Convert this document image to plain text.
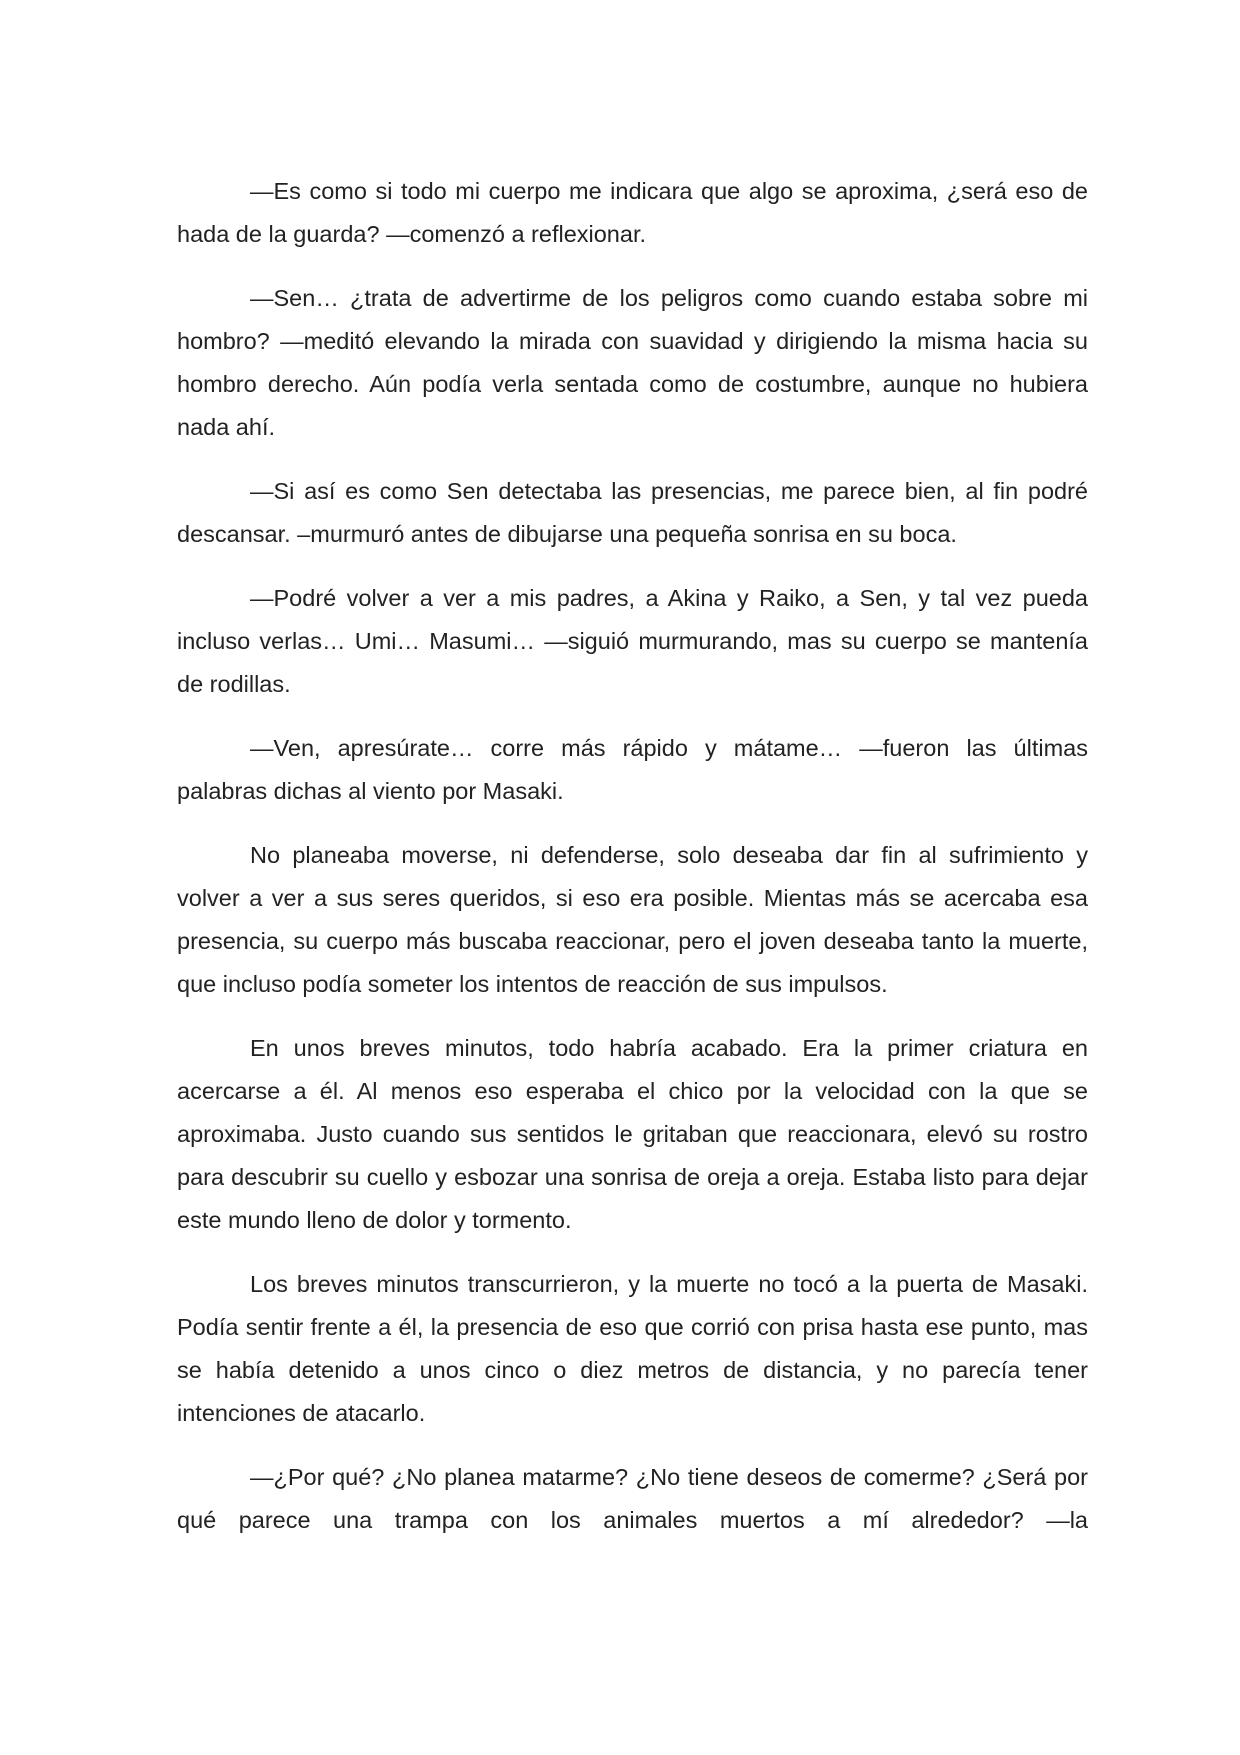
—Es como si todo mi cuerpo me indicara que algo se aproxima, ¿será eso de hada de la guarda? —comenzó a reflexionar.

—Sen… ¿trata de advertirme de los peligros como cuando estaba sobre mi hombro? —meditó elevando la mirada con suavidad y dirigiendo la misma hacia su hombro derecho. Aún podía verla sentada como de costumbre, aunque no hubiera nada ahí.

—Si así es como Sen detectaba las presencias, me parece bien, al fin podré descansar. –murmuró antes de dibujarse una pequeña sonrisa en su boca.

—Podré volver a ver a mis padres, a Akina y Raiko, a Sen, y tal vez pueda incluso verlas… Umi… Masumi… —siguió murmurando, mas su cuerpo se mantenía de rodillas.

—Ven, apresúrate… corre más rápido y mátame… —fueron las últimas palabras dichas al viento por Masaki.

No planeaba moverse, ni defenderse, solo deseaba dar fin al sufrimiento y volver a ver a sus seres queridos, si eso era posible. Mientas más se acercaba esa presencia, su cuerpo más buscaba reaccionar, pero el joven deseaba tanto la muerte, que incluso podía someter los intentos de reacción de sus impulsos.

En unos breves minutos, todo habría acabado. Era la primer criatura en acercarse a él. Al menos eso esperaba el chico por la velocidad con la que se aproximaba. Justo cuando sus sentidos le gritaban que reaccionara, elevó su rostro para descubrir su cuello y esbozar una sonrisa de oreja a oreja. Estaba listo para dejar este mundo lleno de dolor y tormento.

Los breves minutos transcurrieron, y la muerte no tocó a la puerta de Masaki. Podía sentir frente a él, la presencia de eso que corrió con prisa hasta ese punto, mas se había detenido a unos cinco o diez metros de distancia, y no parecía tener intenciones de atacarlo.

—¿Por qué? ¿No planea matarme? ¿No tiene deseos de comerme? ¿Será por qué parece una trampa con los animales muertos a mí alrededor? —la
